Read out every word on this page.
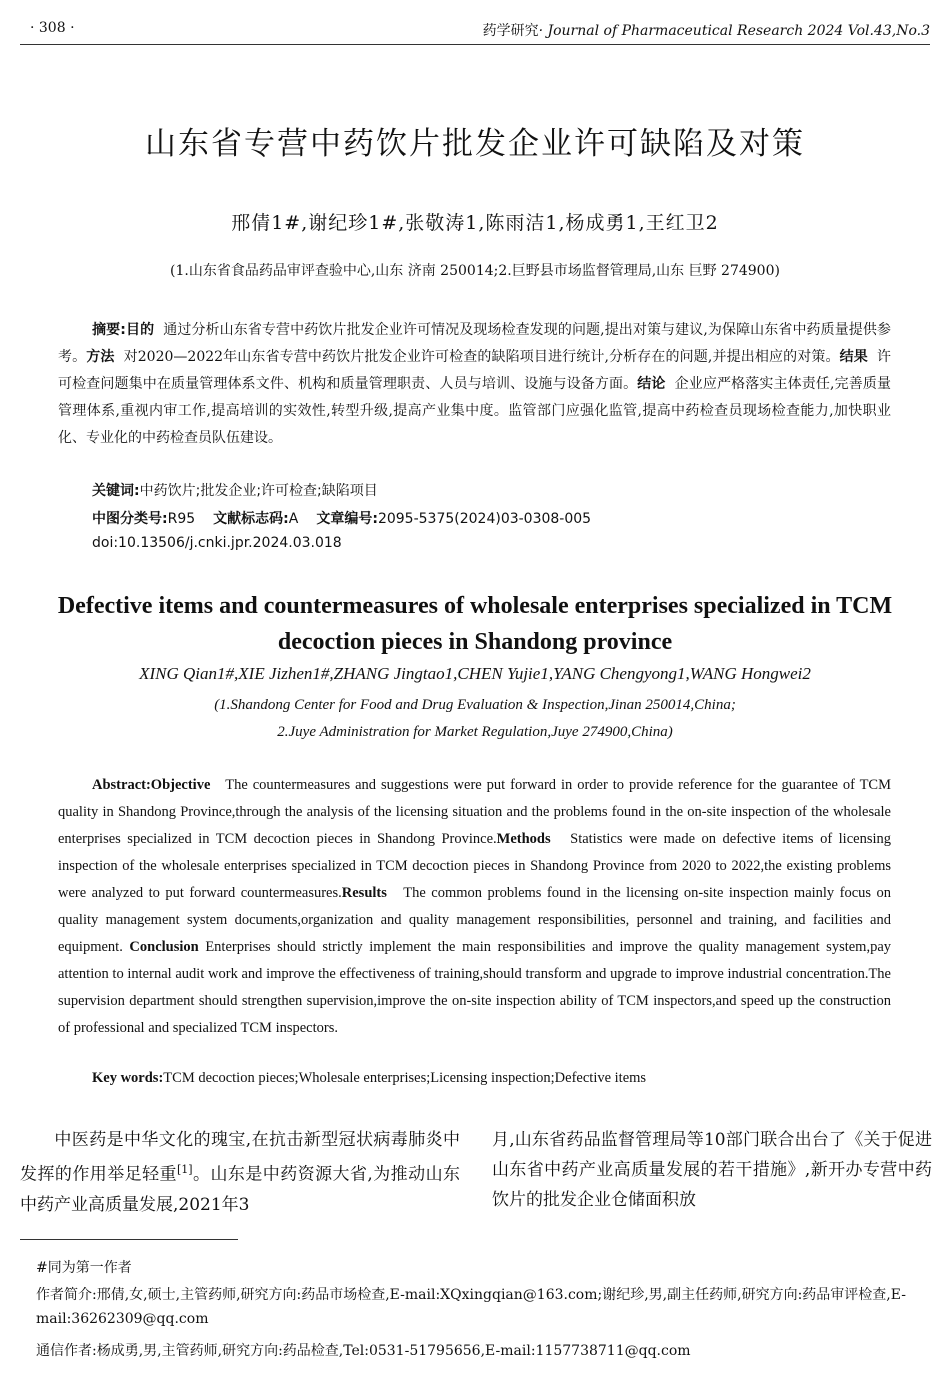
· 308 ·	药学研究· Journal of Pharmaceutical Research 2024 Vol.43,No.3
山东省专营中药饮片批发企业许可缺陷及对策
邢倩1#,谢纪珍1#,张敬涛1,陈雨洁1,杨成勇1,王红卫2
(1.山东省食品药品审评查验中心,山东 济南 250014;2.巨野县市场监督管理局,山东 巨野 274900)
摘要:目的 通过分析山东省专营中药饮片批发企业许可情况及现场检查发现的问题,提出对策与建议,为保障山东省中药质量提供参考。方法 对2020—2022年山东省专营中药饮片批发企业许可检查的缺陷项目进行统计,分析存在的问题,并提出相应的对策。结果 许可检查问题集中在质量管理体系文件、机构和质量管理职责、人员与培训、设施与设备方面。结论 企业应严格落实主体责任,完善质量管理体系,重视内审工作,提高培训的实效性,转型升级,提高产业集中度。监管部门应强化监管,提高中药检查员现场检查能力,加快职业化、专业化的中药检查员队伍建设。
关键词:中药饮片;批发企业;许可检查;缺陷项目
中图分类号:R95 文献标志码:A 文章编号:2095-5375(2024)03-0308-005
doi:10.13506/j.cnki.jpr.2024.03.018
Defective items and countermeasures of wholesale enterprises specialized in TCM decoction pieces in Shandong province
XING Qian1#,XIE Jizhen1#,ZHANG Jingtao1,CHEN Yujie1,YANG Chengyong1,WANG Hongwei2
(1.Shandong Center for Food and Drug Evaluation & Inspection,Jinan 250014,China;
2.Juye Administration for Market Regulation,Juye 274900,China)
Abstract:Objective The countermeasures and suggestions were put forward in order to provide reference for the guarantee of TCM quality in Shandong Province,through the analysis of the licensing situation and the problems found in the on-site inspection of the wholesale enterprises specialized in TCM decoction pieces in Shandong Province.Methods Statistics were made on defective items of licensing inspection of the wholesale enterprises specialized in TCM decoction pieces in Shandong Province from 2020 to 2022,the existing problems were analyzed to put forward countermeasures.Results The common problems found in the licensing on-site inspection mainly focus on quality management system documents,organization and quality management responsibilities, personnel and training, and facilities and equipment. Conclusion Enterprises should strictly implement the main responsibilities and improve the quality management system,pay attention to internal audit work and improve the effectiveness of training,should transform and upgrade to improve industrial concentration.The supervision department should strengthen supervision,improve the on-site inspection ability of TCM inspectors,and speed up the construction of professional and specialized TCM inspectors.
Key words:TCM decoction pieces;Wholesale enterprises;Licensing inspection;Defective items
中医药是中华文化的瑰宝,在抗击新型冠状病毒肺炎中发挥的作用举足轻重[1]。山东是中药资源大省,为推动山东中药产业高质量发展,2021年3
月,山东省药品监督管理局等10部门联合出台了《关于促进山东省中药产业高质量发展的若干措施》,新开办专营中药饮片的批发企业仓储面积放
#同为第一作者
作者简介:邢倩,女,硕士,主管药师,研究方向:药品市场检查,E-mail:XQxingqian@163.com;谢纪珍,男,副主任药师,研究方向:药品审评检查,E-mail:36262309@qq.com
通信作者:杨成勇,男,主管药师,研究方向:药品检查,Tel:0531-51795656,E-mail:1157738711@qq.com
